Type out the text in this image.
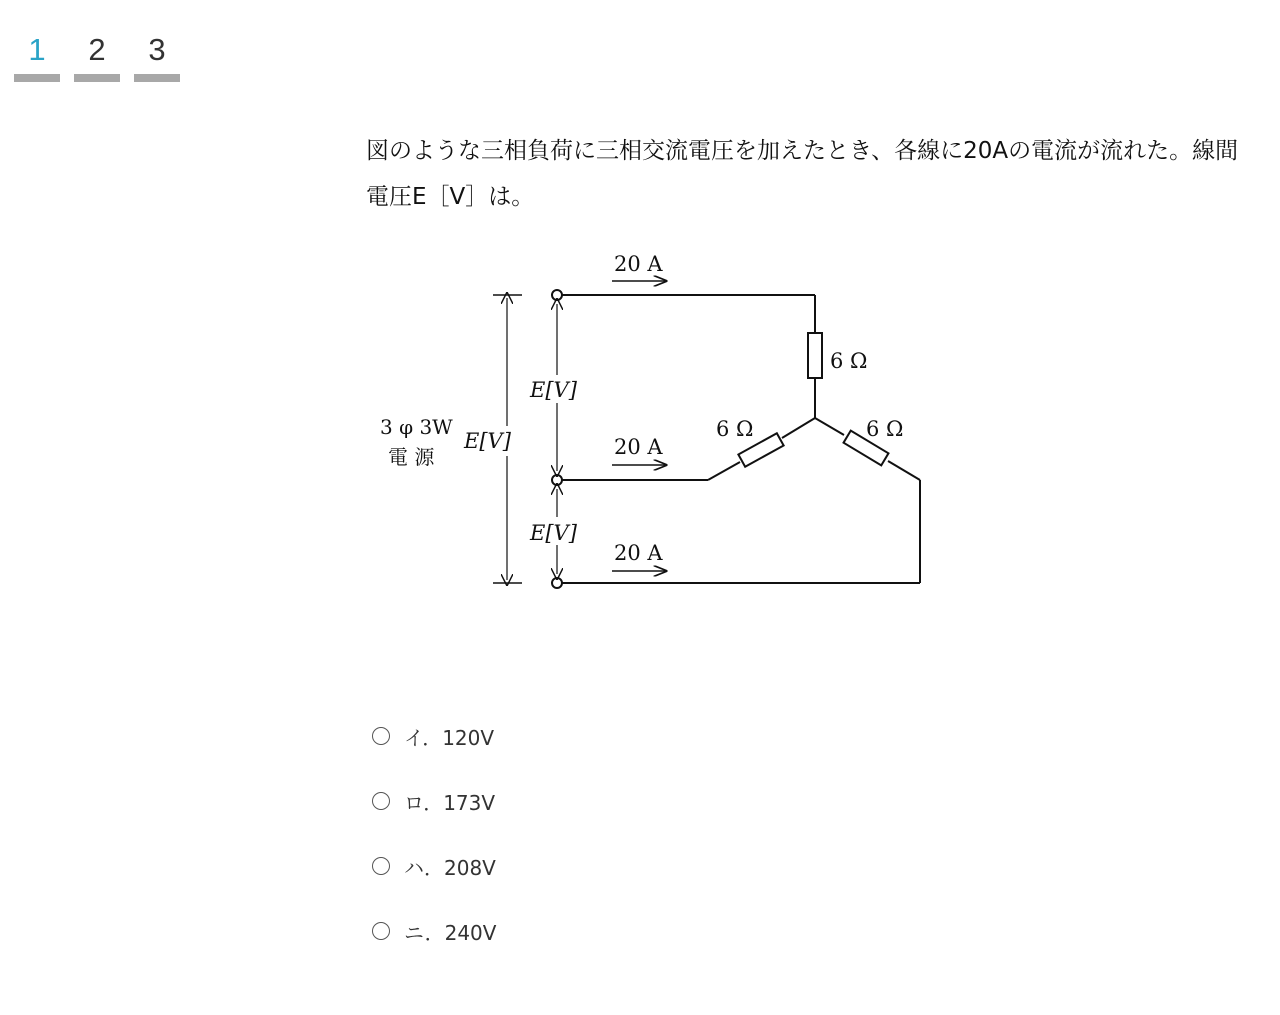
1	2	3
図のような三相負荷に三相交流電圧を加えたとき、各線に20Aの電流が流れた。線間電圧E［V］は。
20 A
20 A
20 A
6 Ω
6 Ω	6 Ω
E[V]
E[V]
E[V]
3 φ 3W
電 源
イ．120V
ロ．173V
ハ．208V
ニ．240V
